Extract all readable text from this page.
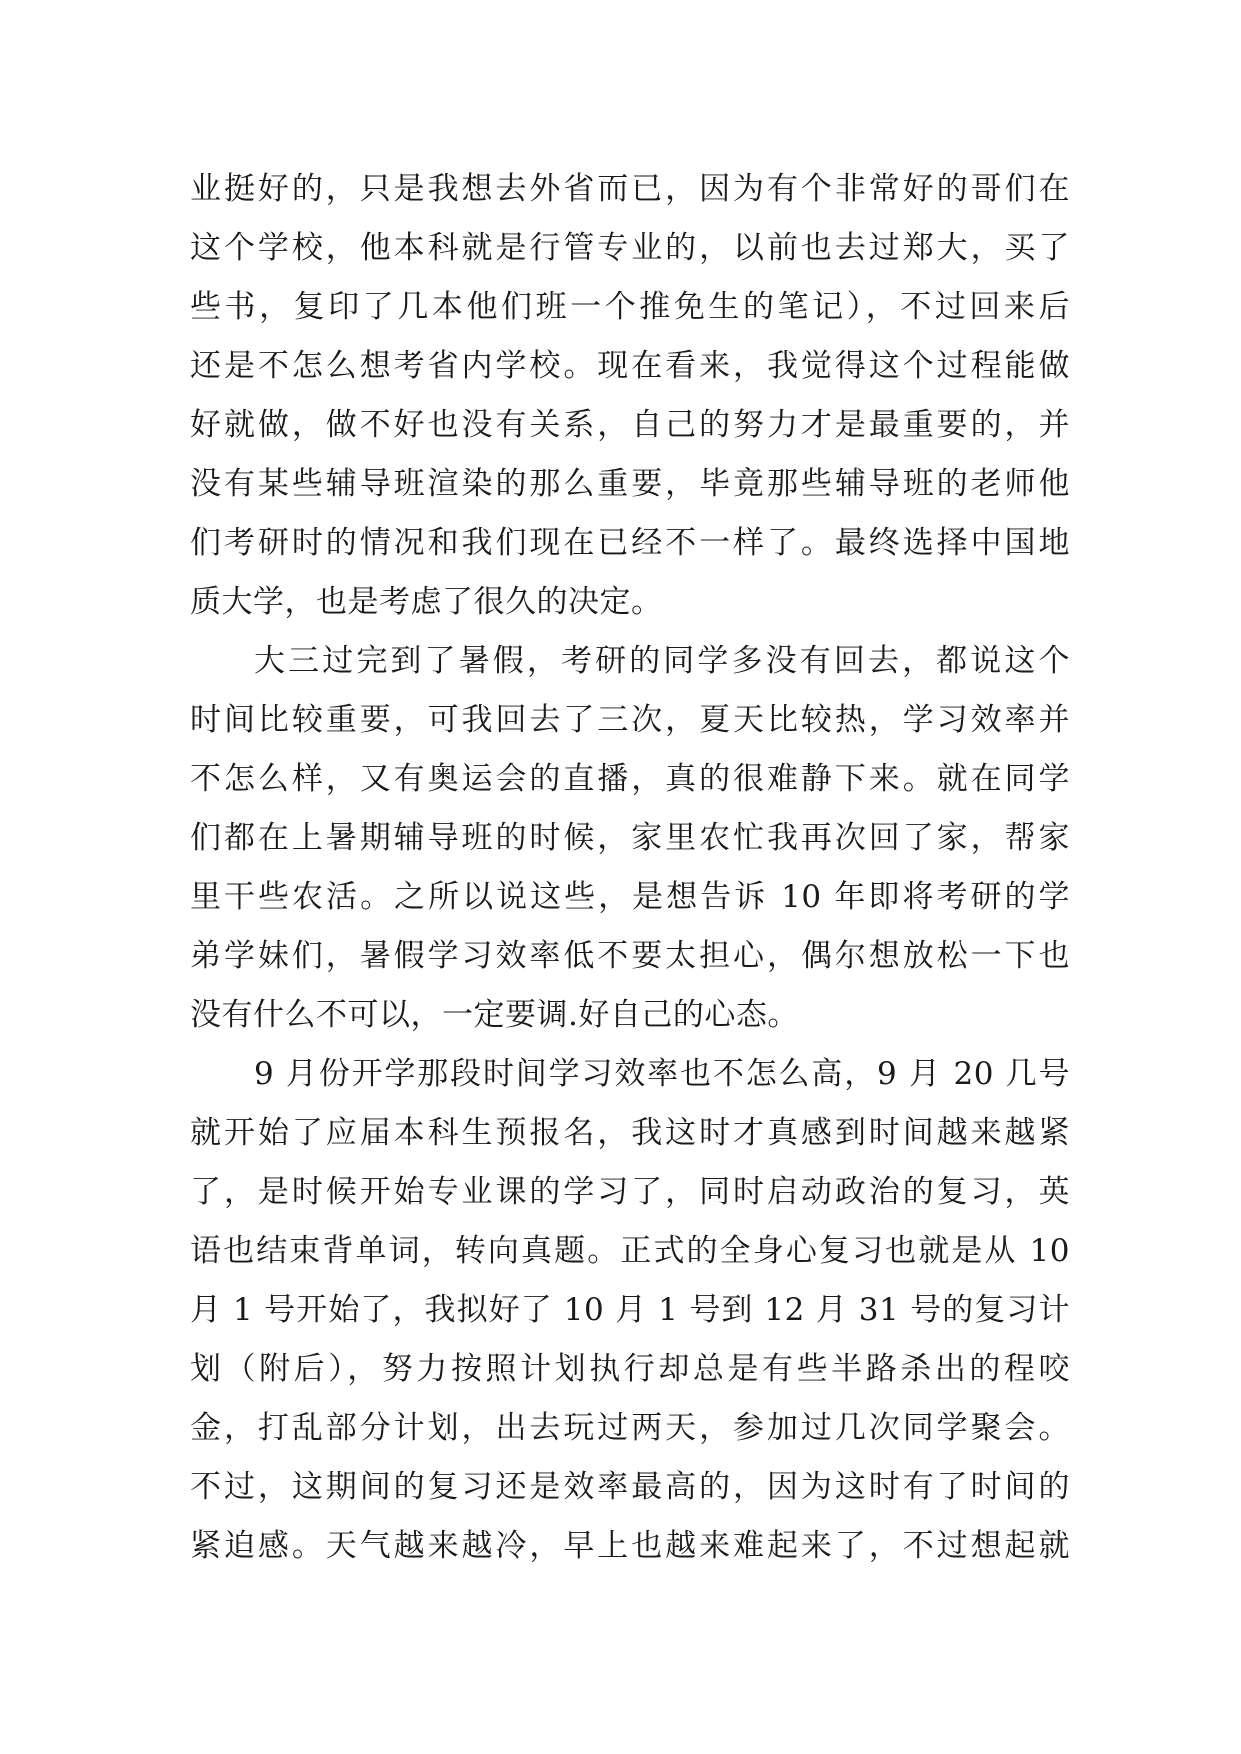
业挺好的，只是我想去外省而已，因为有个非常好的哥们在
这个学校，他本科就是行管专业的，以前也去过郑大，买了
些书，复印了几本他们班一个推免生的笔记），不过回来后
还是不怎么想考省内学校。现在看来，我觉得这个过程能做
好就做，做不好也没有关系，自己的努力才是最重要的，并
没有某些辅导班渲染的那么重要，毕竟那些辅导班的老师他
们考研时的情况和我们现在已经不一样了。最终选择中国地
质大学，也是考虑了很久的决定。
大三过完到了暑假，考研的同学多没有回去，都说这个
时间比较重要，可我回去了三次，夏天比较热，学习效率并
不怎么样，又有奥运会的直播，真的很难静下来。就在同学
们都在上暑期辅导班的时候，家里农忙我再次回了家，帮家
里干些农活。之所以说这些，是想告诉 10 年即将考研的学
弟学妹们，暑假学习效率低不要太担心，偶尔想放松一下也
没有什么不可以，一定要调.好自己的心态。
9 月份开学那段时间学习效率也不怎么高，9 月 20 几号
就开始了应届本科生预报名，我这时才真感到时间越来越紧
了，是时候开始专业课的学习了，同时启动政治的复习，英
语也结束背单词，转向真题。正式的全身心复习也就是从 10
月 1 号开始了，我拟好了 10 月 1 号到 12 月 31 号的复习计
划（附后），努力按照计划执行却总是有些半路杀出的程咬
金，打乱部分计划，出去玩过两天，参加过几次同学聚会。
不过，这期间的复习还是效率最高的，因为这时有了时间的
紧迫感。天气越来越冷，早上也越来难起来了，不过想起就
